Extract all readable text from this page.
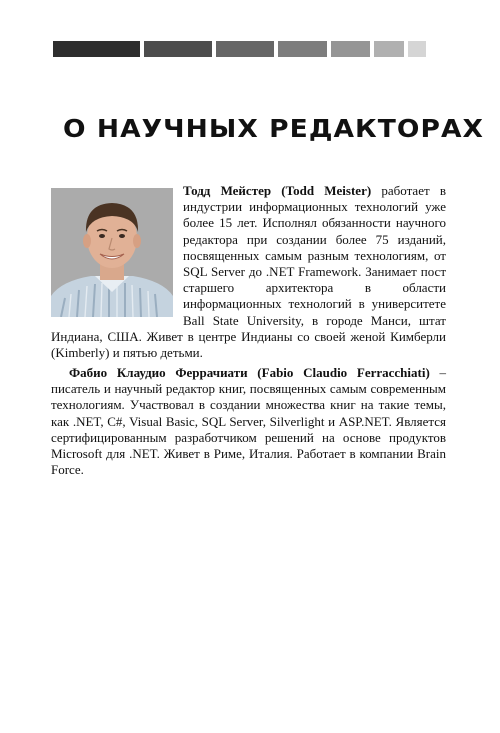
О НАУЧНЫХ РЕДАКТОРАХ

Тодд Мейстер (Todd Meister) работает в индустрии информационных технологий уже более 15 лет. Исполнял обязанности научного редактора при создании более 75 изданий, посвященных самым разным технологиям, от SQL Server до .NET Framework. Занимает пост старшего архитектора в области информационных технологий в университете Ball State University, в городе Манси, штат Индиана, США. Живет в центре Индианы со своей женой Кимберли (Kimberly) и пятью детьми.

Фабио Клаудио Феррачиати (Fabio Claudio Ferracchiati) – писатель и научный редактор книг, посвященных самым современным технологиям. Участвовал в создании множества книг на такие темы, как .NET, C#, Visual Basic, SQL Server, Silverlight и ASP.NET. Является сертифицированным разработчиком решений на основе продуктов Microsoft для .NET. Живет в Риме, Италия. Работает в компании Brain Force.
